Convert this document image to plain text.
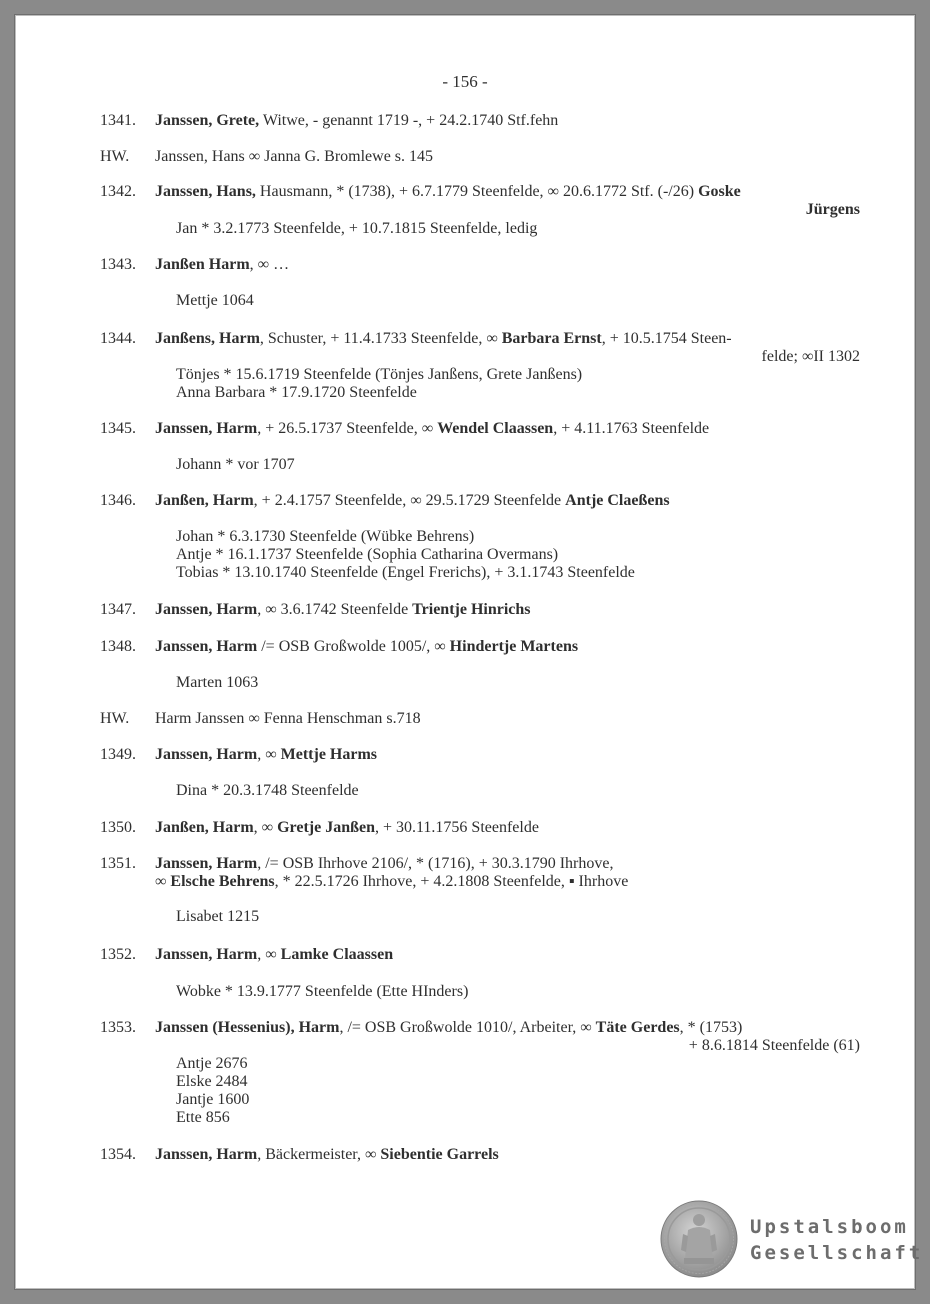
- 156 -
1341.	Janssen, Grete, Witwe, - genannt 1719 -, + 24.2.1740 Stf.fehn
HW.	Janssen, Hans ∞ Janna G. Bromlewe s. 145
1342.	Janssen, Hans, Hausmann, * (1738), + 6.7.1779 Steenfelde, ∞ 20.6.1772 Stf. (-/26) Goske
Jürgens
Jan * 3.2.1773 Steenfelde, + 10.7.1815 Steenfelde, ledig
1343.	Janßen Harm, ∞ …
Mettje 1064
1344.	Janßens, Harm, Schuster, + 11.4.1733 Steenfelde, ∞ Barbara Ernst, + 10.5.1754 Steen-
felde; ∞II 1302
Tönjes * 15.6.1719 Steenfelde (Tönjes Janßens, Grete Janßens)
Anna Barbara * 17.9.1720 Steenfelde
1345.	Janssen, Harm, + 26.5.1737 Steenfelde, ∞ Wendel Claassen, + 4.11.1763 Steenfelde
Johann * vor 1707
1346.	Janßen, Harm, + 2.4.1757 Steenfelde, ∞ 29.5.1729 Steenfelde Antje Claeßens
Johan * 6.3.1730 Steenfelde (Wübke Behrens)
Antje * 16.1.1737 Steenfelde (Sophia Catharina Overmans)
Tobias * 13.10.1740 Steenfelde (Engel Frerichs), + 3.1.1743 Steenfelde
1347.	Janssen, Harm, ∞ 3.6.1742 Steenfelde Trientje Hinrichs
1348.	Janssen, Harm /= OSB Großwolde 1005/, ∞ Hindertje Martens
Marten 1063
HW.	Harm Janssen ∞ Fenna Henschman s.718
1349.	Janssen, Harm, ∞ Mettje Harms
Dina * 20.3.1748 Steenfelde
1350.	Janßen, Harm, ∞ Gretje Janßen, + 30.11.1756 Steenfelde
1351.	Janssen, Harm, /= OSB Ihrhove 2106/, * (1716), + 30.3.1790 Ihrhove,
∞ Elsche Behrens, * 22.5.1726 Ihrhove, + 4.2.1808 Steenfelde, ▪ Ihrhove
Lisabet 1215
1352.	Janssen, Harm, ∞ Lamke Claassen
Wobke * 13.9.1777 Steenfelde (Ette HInders)
1353.	Janssen (Hessenius), Harm, /= OSB Großwolde 1010/, Arbeiter, ∞ Täte Gerdes, * (1753)
+ 8.6.1814 Steenfelde (61)
Antje 2676
Elske 2484
Jantje 1600
Ette 856
1354.	Janssen, Harm, Bäckermeister, ∞ Siebentie Garrels
Upstalsboom
Gesellschaft
